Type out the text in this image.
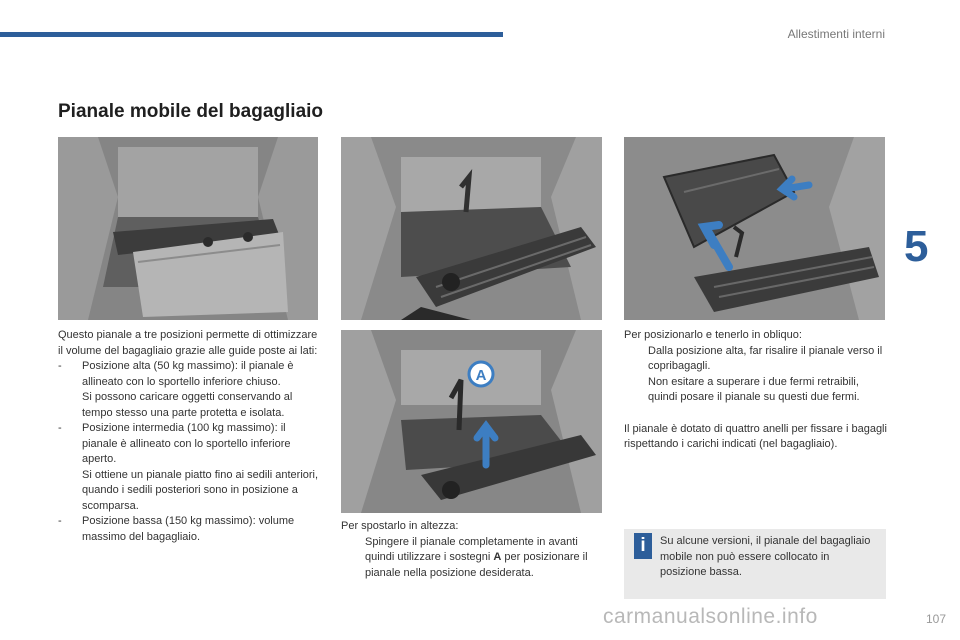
Allestimenti interni
5
Pianale mobile del bagagliaio
A

Questo pianale a tre posizioni permette di ottimizzare il volume del bagagliaio grazie alle guide poste ai lati:

- Posizione alta (50 kg massimo): il pianale è allineato con lo sportello inferiore chiuso.

Si possono caricare oggetti conservando al tempo stesso una parte protetta e isolata.

- Posizione intermedia (100 kg massimo): il pianale è allineato con lo sportello inferiore aperto.

Si ottiene un pianale piatto fino ai sedili anteriori, quando i sedili posteriori sono in posizione a scomparsa.

- Posizione bassa (150 kg massimo): volume massimo del bagagliaio.

Per spostarlo in altezza:

Spingere il pianale completamente in avanti quindi utilizzare i sostegni A per posizionare il pianale nella posizione desiderata.

Per posizionarlo e tenerlo in obliquo:

Dalla posizione alta, far risalire il pianale verso il copribagagli.

Non esitare a superare i due fermi retraibili, quindi posare il pianale su questi due fermi.

Il pianale è dotato di quattro anelli per fissare i bagagli rispettando i carichi indicati (nel bagagliaio).

i	Su alcune versioni, il pianale del bagagliaio mobile non può essere collocato in posizione bassa.
carmanualsonline.info	107
